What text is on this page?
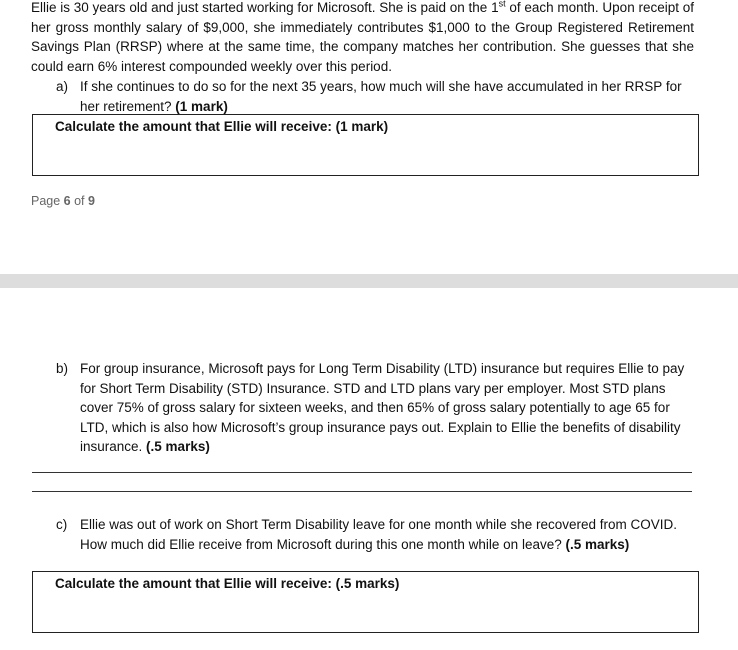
Ellie is 30 years old and just started working for Microsoft. She is paid on the 1st of each month. Upon receipt of her gross monthly salary of $9,000, she immediately contributes $1,000 to the Group Registered Retirement Savings Plan (RRSP) where at the same time, the company matches her contribution. She guesses that she could earn 6% interest compounded weekly over this period.

a) If she continues to do so for the next 35 years, how much will she have accumulated in her RRSP for her retirement? (1 mark)

Calculate the amount that Ellie will receive: (1 mark)
Page 6 of 9
b) For group insurance, Microsoft pays for Long Term Disability (LTD) insurance but requires Ellie to pay for Short Term Disability (STD) Insurance. STD and LTD plans vary per employer. Most STD plans cover 75% of gross salary for sixteen weeks, and then 65% of gross salary potentially to age 65 for LTD, which is also how Microsoft’s group insurance pays out. Explain to Ellie the benefits of disability insurance. (.5 marks)

c) Ellie was out of work on Short Term Disability leave for one month while she recovered from COVID. How much did Ellie receive from Microsoft during this one month while on leave? (.5 marks)

Calculate the amount that Ellie will receive: (.5 marks)
